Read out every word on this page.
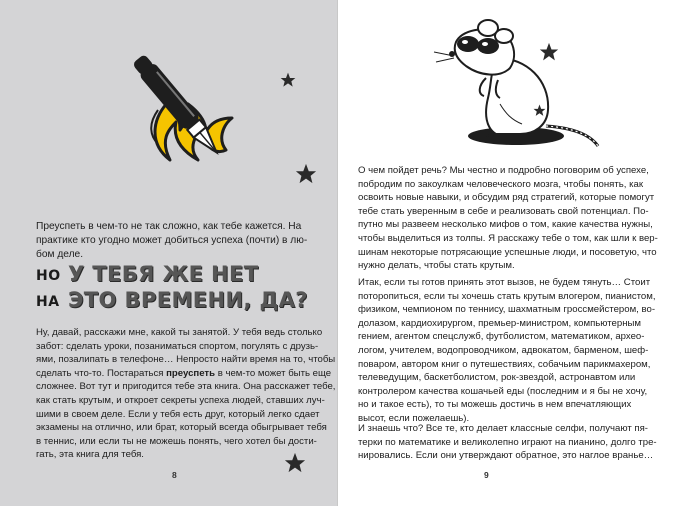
Преуспеть в чем-то не так сложно, как тебе кажется. На
практике кто угодно может добиться успеха (почти) в лю-
бом деле.
НО У ТЕБЯ ЖЕ НЕТ
НА ЭТО ВРЕМЕНИ, ДА?
Ну, давай, расскажи мне, какой ты занятой. У тебя ведь столько
забот: сделать уроки, позаниматься спортом, погулять с друзь-
ями, позалипать в телефоне… Непросто найти время на то, чтобы
сделать что-то. Постараться преуспеть в чем-то может быть еще
сложнее. Вот тут и пригодится тебе эта книга. Она расскажет тебе,
как стать крутым, и откроет секреты успеха людей, ставших луч-
шими в своем деле. Если у тебя есть друг, который легко сдает
экзамены на отлично, или брат, который всегда обыгрывает тебя
в теннис, или если ты не можешь понять, чего хотел бы дости-
гать, эта книга для тебя.
8
О чем пойдет речь? Мы честно и подробно поговорим об успехе,
побродим по закоулкам человеческого мозга, чтобы понять, как
освоить новые навыки, и обсудим ряд стратегий, которые помогут
тебе стать уверенным в себе и реализовать свой потенциал. По-
путно мы развеем несколько мифов о том, какие качества нужны,
чтобы выделиться из толпы. Я расскажу тебе о том, как шли к вер-
шинам некоторые потрясающие успешные люди, и посоветую, что
нужно делать, чтобы стать крутым.
Итак, если ты готов принять этот вызов, не будем тянуть… Стоит
поторопиться, если ты хочешь стать крутым влогером, пианистом,
физиком, чемпионом по теннису, шахматным гроссмейстером, во-
долазом, кардиохирургом, премьер-министром, компьютерным
гением, агентом спецслужб, футболистом, математиком, архео-
логом, учителем, водопроводчиком, адвокатом, барменом, шеф-
поваром, автором книг о путешествиях, собачьим парикмахером,
телеведущим, баскетболистом, рок-звездой, астронавтом или
контролером качества кошачьей еды (последним и я бы не хочу,
но и такое есть), то ты можешь достичь в нем впечатляющих
высот, если пожелаешь).
И знаешь что? Все те, кто делает классные селфи, получают пя-
терки по математике и великолепно играют на пианино, долго тре-
нировались. Если они утверждают обратное, это наглое вранье…
9
